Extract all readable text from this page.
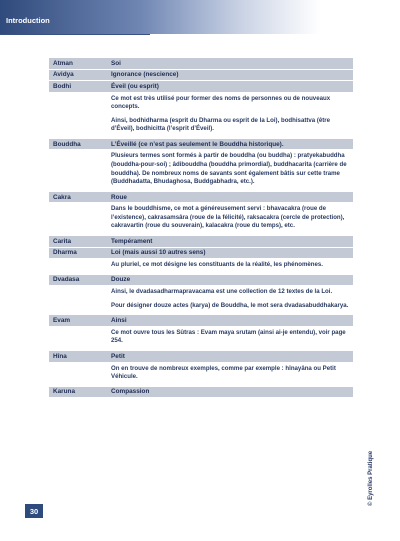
Introduction
Atman	Soi
Avidya	Ignorance (nescience)
Bodhi	Éveil (ou esprit)

Ce mot est très utilisé pour former des noms de personnes ou de nouveaux concepts.

Ainsi, bodhidharma (esprit du Dharma ou esprit de la Loi), bodhisattva (être d’Éveil), bodhicitta (l’esprit d’Éveil).

Bouddha	L’Éveillé (ce n’est pas seulement le Bouddha historique).

Plusieurs termes sont formés à partir de bouddha (ou buddha) : pratyekabuddha (bouddha-pour-soi) ; âdibouddha (bouddha primordial), buddhacarita (carrière de bouddha). De nombreux noms de savants sont également bâtis sur cette trame (Buddhadatta, Bhudaghosa, Buddgabhadra, etc.).

Cakra	Roue

Dans le bouddhisme, ce mot a généreusement servi : bhavacakra (roue de l’existence), cakrasamsâra (roue de la félicité), raksacakra (cercle de protection), cakravartin (roue du souverain), kalacakra (roue du temps), etc.

Carita	Tempérament
Dharma	Loi (mais aussi 10 autres sens)

Au pluriel, ce mot désigne les constituants de la réalité, les phénomènes.

Dvadasa	Douze

Ainsi, le dvadasadharmapravacama est une collection de 12 textes de la Loi.

Pour désigner douze actes (karya) de Bouddha, le mot sera dvadasabuddhakarya.

Evam	Ainsi

Ce mot ouvre tous les Sûtras : Evam maya srutam (ainsi ai-je entendu), voir page 254.

Hîna	Petit

On en trouve de nombreux exemples, comme par exemple : hînayâna ou Petit Véhicule.

Karuna	Compassion
30
© Eyrolles Pratique
